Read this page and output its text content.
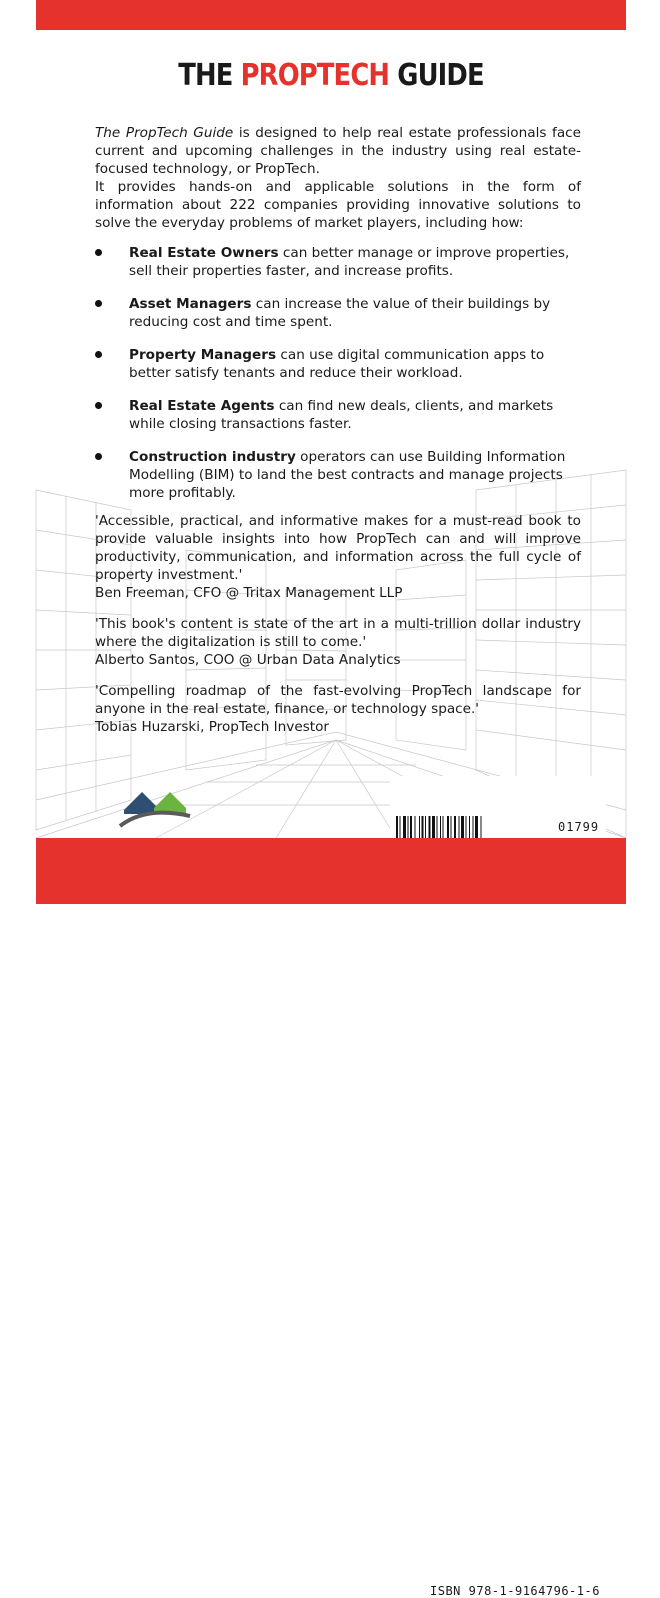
THE PROPTECH GUIDE

The PropTech Guide is designed to help real estate professionals face current and upcoming challenges in the industry using real estate-focused technology, or PropTech.

It provides hands-on and applicable solutions in the form of information about 222 companies providing innovative solutions to solve the everyday problems of market players, including how:

Real Estate Owners can better manage or improve properties, sell their properties faster, and increase profits.
Asset Managers can increase the value of their buildings by reducing cost and time spent.
Property Managers can use digital communication apps to better satisfy tenants and reduce their workload.
Real Estate Agents can find new deals, clients, and markets while closing transactions faster.
Construction industry operators can use Building Information Modelling (BIM) to land the best contracts and manage projects more profitably.
'Accessible, practical, and informative makes for a must-read book to provide valuable insights into how PropTech can and will improve productivity, communication, and information across the full cycle of property investment.'
Ben Freeman, CFO @ Tritax Management LLP
'This book's content is state of the art in a multi-trillion dollar industry where the digitalization is still to come.'
Alberto Santos, COO @ Urban Data Analytics
'Compelling roadmap of the fast-evolving PropTech landscape for anyone in the real estate, finance, or technology space.'
Tobias Huzarski, PropTech Investor
ISBN 978-1-9164796-1-6
01799
